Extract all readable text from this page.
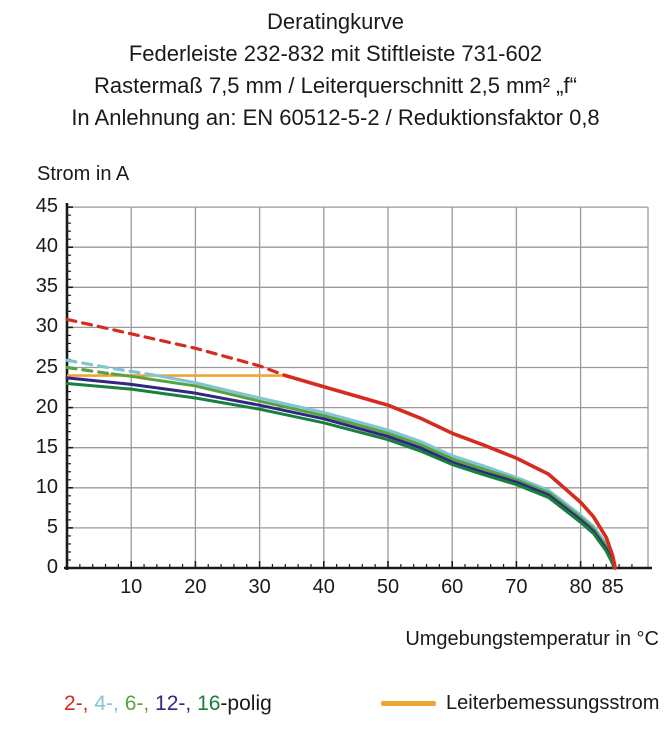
Deratingkurve
Federleiste 232-832 mit Stiftleiste 731-602
Rastermaß 7,5 mm / Leiterquerschnitt 2,5 mm² „f“
In Anlehnung an: EN 60512-5-2 / Reduktionsfaktor 0,8
Strom in A
0
5
10
15
20
25
30
35
40
45
10	20	30	40	50	60	70	80 85
Umgebungstemperatur in °C
2-, 4-, 6-, 12-, 16-polig	Leiterbemessungsstrom
